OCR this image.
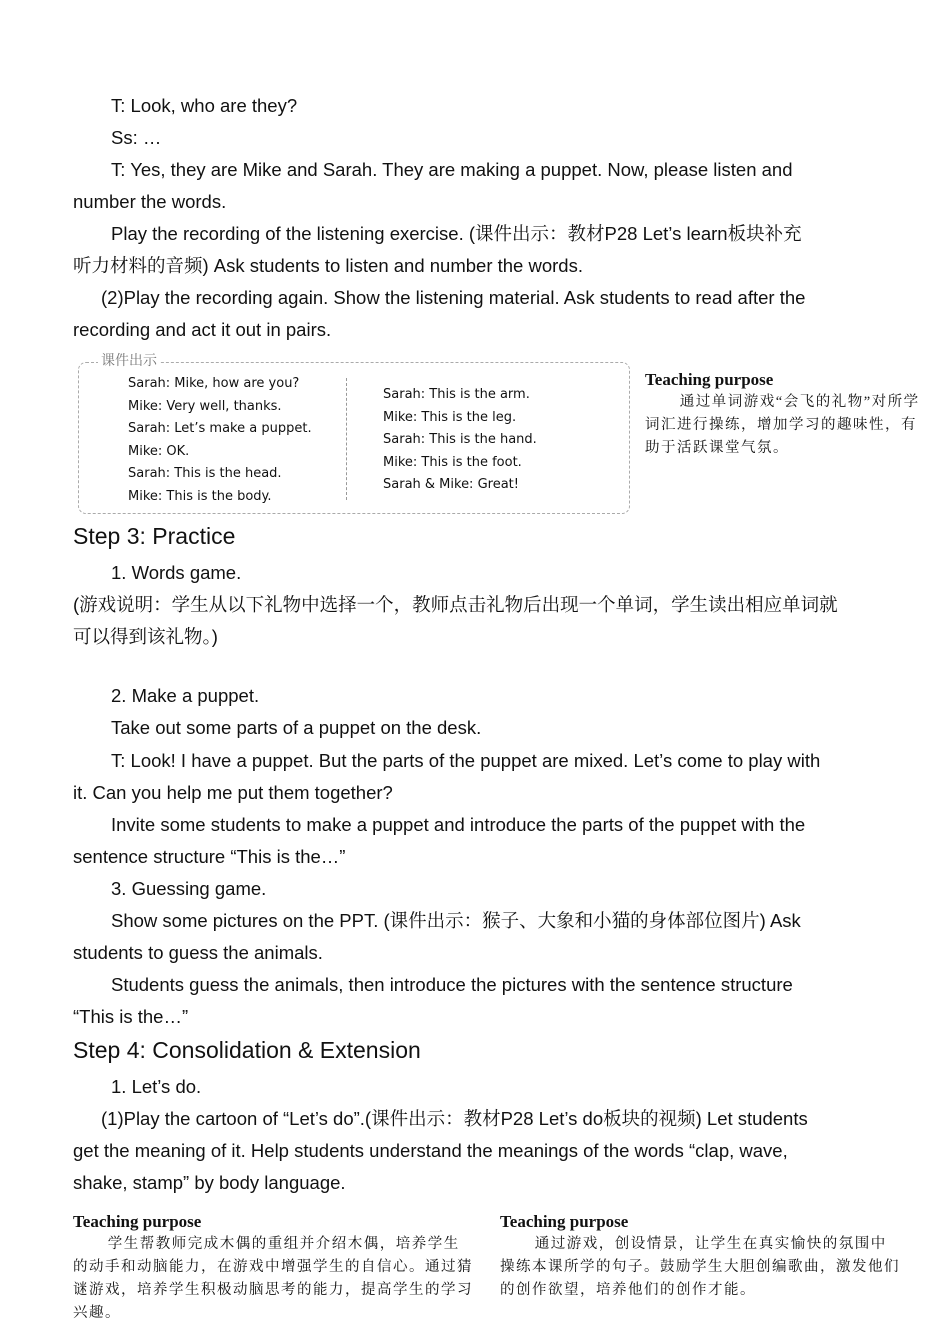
T: Look, who are they?
Ss: …
T: Yes, they are Mike and Sarah. They are making a puppet. Now, please listen and
number the words.
Play the recording of the listening exercise. (课件出示：教材P28 Let’s learn板块补充
听力材料的音频) Ask students to listen and number the words.
(2)Play the recording again. Show the listening material. Ask students to read after the
recording and act it out in pairs.
课件出示
Sarah: Mike, how are you?
Mike: Very well, thanks.
Sarah: Let’s make a puppet.
Mike: OK.
Sarah: This is the head.
Mike: This is the body.
Sarah: This is the arm.
Mike: This is the leg.
Sarah: This is the hand.
Mike: This is the foot.
Sarah & Mike: Great!
Step 3: Practice
1. Words game.
(游戏说明：学生从以下礼物中选择一个，教师点击礼物后出现一个单词，学生读出相应单词就
可以得到该礼物。)
2. Make a puppet.
Take out some parts of a puppet on the desk.
T: Look! I have a puppet. But the parts of the puppet are mixed. Let’s come to play with
it. Can you help me put them together?
Invite some students to make a puppet and introduce the parts of the puppet with the
sentence structure “This is the…”
3. Guessing game.
Show some pictures on the PPT. (课件出示：猴子、大象和小猫的身体部位图片) Ask
students to guess the animals.
Students guess the animals, then introduce the pictures with the sentence structure
“This is the…”
Step 4: Consolidation & Extension
1. Let’s do.
(1)Play the cartoon of “Let’s do”.(课件出示：教材P28 Let’s do板块的视频) Let students
get the meaning of it. Help students understand the meanings of the words “clap, wave,
shake, stamp” by body language.
Teaching purpose
通过单词游戏“会飞的礼物”对所学词汇进行操练，增加学习的趣味性，有助于活跃课堂气氛。
Teaching purpose
学生帮教师完成木偶的重组并介绍木偶，培养学生的动手和动脑能力，在游戏中增强学生的自信心。通过猜谜游戏，培养学生积极动脑思考的能力，提高学生的学习兴趣。
Teaching purpose
通过游戏，创设情景，让学生在真实愉快的氛围中操练本课所学的句子。鼓励学生大胆创编歌曲，激发他们的创作欲望，培养他们的创作才能。
